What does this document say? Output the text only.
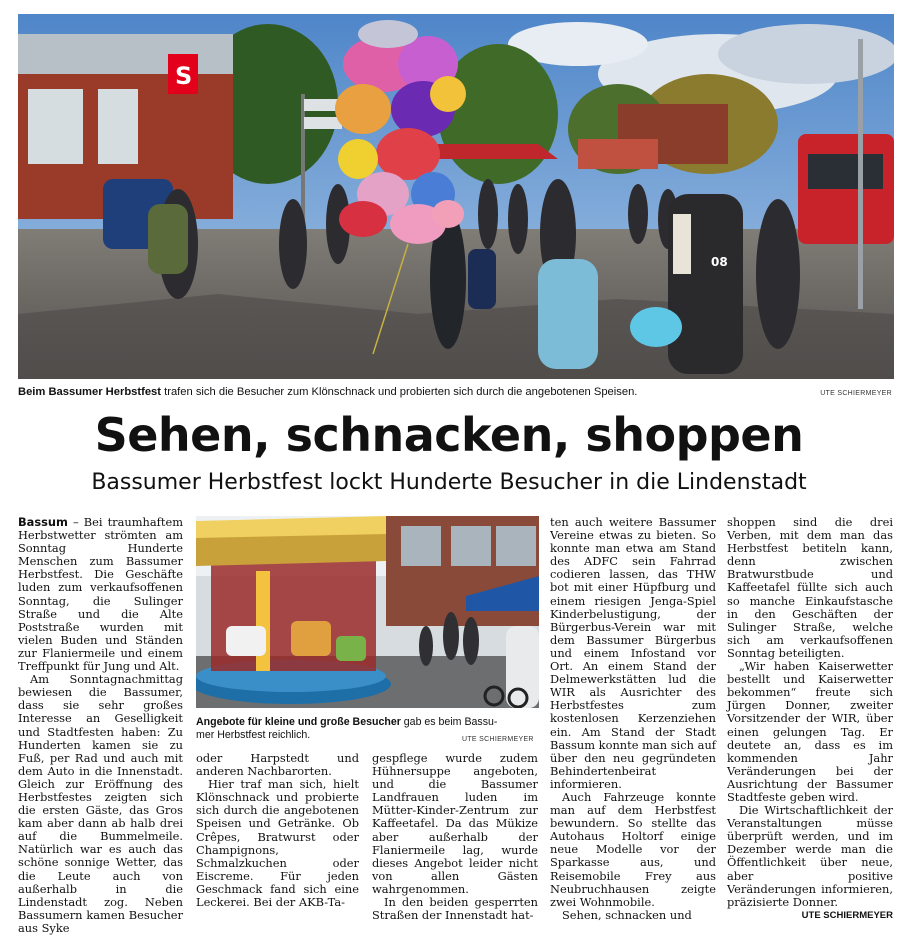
S
08
Beim Bassumer Herbstfest trafen sich die Besucher zum Klönschnack und probierten sich durch die angebotenen Speisen.	UTE SCHIERMEYER
Sehen, schnacken, shoppen
Bassumer Herbstfest lockt Hunderte Besucher in die Lindenstadt

Bassum – Bei traumhaftem Herbstwetter strömten am Sonntag Hunderte Menschen zum Bassumer Herbstfest. Die Geschäfte luden zum verkaufsoffenen Sonntag, die Sulinger Straße und die Alte Poststraße wurden mit vielen Buden und Ständen zur Flaniermeile und einem Treffpunkt für Jung und Alt.

Am Sonntagnachmittag bewiesen die Bassumer, dass sie sehr großes Interesse an Geselligkeit und Stadtfesten haben: Zu Hunderten kamen sie zu Fuß, per Rad und auch mit dem Auto in die Innenstadt. Gleich zur Eröffnung des Herbstfestes zeigten sich die ersten Gäste, das Gros kam aber dann ab halb drei auf die Bummelmeile. Natürlich war es auch das schöne sonnige Wetter, das die Leute auch von außerhalb in die Lindenstadt zog. Neben Bassumern kamen Besucher aus Syke

Angebote für kleine und große Besucher gab es beim Bassu-
mer Herbstfest reichlich.	UTE SCHIERMEYER

oder Harpstedt und anderen Nachbarorten.

Hier traf man sich, hielt Klönschnack und probierte sich durch die angebotenen Speisen und Getränke. Ob Crêpes, Bratwurst oder Champignons, Schmalzkuchen oder Eiscreme. Für jeden Geschmack fand sich eine Leckerei. Bei der AKB-Ta-

gespflege wurde zudem Hühnersuppe angeboten, und die Bassumer Landfrauen luden im Mütter-Kinder-Zentrum zur Kaffeetafel. Da das Mükize aber außerhalb der Flaniermeile lag, wurde dieses Angebot leider nicht von allen Gästen wahrgenommen.

In den beiden gesperrten Straßen der Innenstadt hat-

ten auch weitere Bassumer Vereine etwas zu bieten. So konnte man etwa am Stand des ADFC sein Fahrrad codieren lassen, das THW bot mit einer Hüpfburg und einem riesigen Jenga-Spiel Kinderbelustigung, der Bürgerbus-Verein war mit dem Bassumer Bürgerbus und einem Infostand vor Ort. An einem Stand der Delmewerkstätten lud die WIR als Ausrichter des Herbstfestes zum kostenlosen Kerzenziehen ein. Am Stand der Stadt Bassum konnte man sich auf über den neu gegründeten Behindertenbeirat informieren.

Auch Fahrzeuge konnte man auf dem Herbstfest bewundern. So stellte das Autohaus Holtorf einige neue Modelle vor der Sparkasse aus, und Reisemobile Frey aus Neubruchhausen zeigte zwei Wohnmobile.

Sehen, schnacken und

shoppen sind die drei Verben, mit dem man das Herbstfest betiteln kann, denn zwischen Bratwurstbude und Kaffeetafel füllte sich auch so manche Einkaufstasche in den Geschäften der Sulinger Straße, welche sich am verkaufsoffenen Sonntag beteiligten.

„Wir haben Kaiserwetter bestellt und Kaiserwetter bekommen“ freute sich Jürgen Donner, zweiter Vorsitzender der WIR, über einen gelungen Tag. Er deutete an, dass es im kommenden Jahr Veränderungen bei der Ausrichtung der Bassumer Stadtfeste geben wird.

Die Wirtschaftlichkeit der Veranstaltungen müsse überprüft werden, und im Dezember werde man die Öffentlichkeit über neue, aber positive Veränderungen informieren, präzisierte Donner.

UTE SCHIERMEYER
